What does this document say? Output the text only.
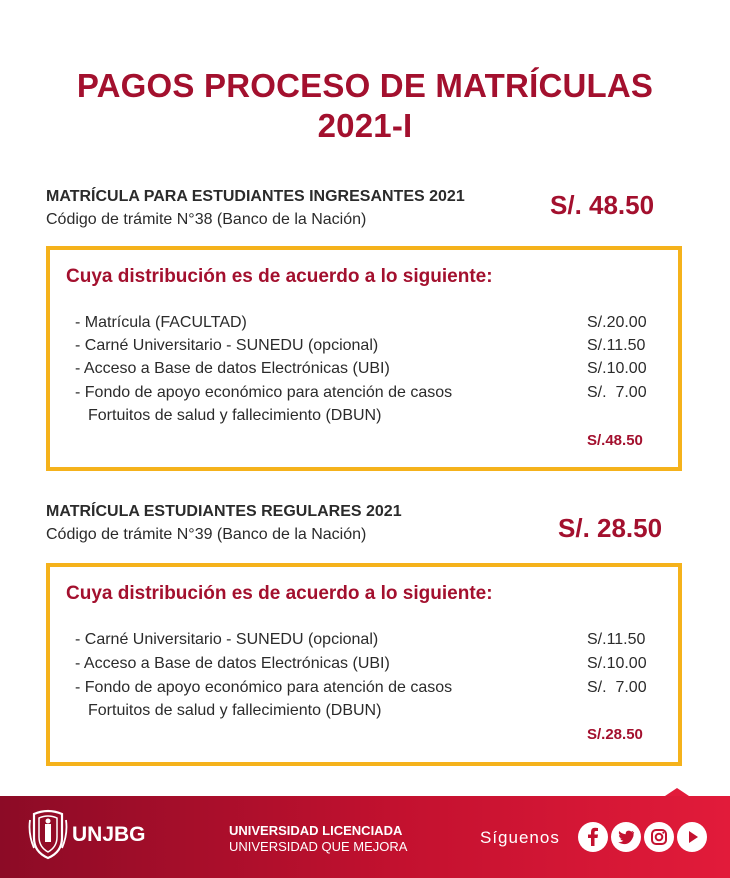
PAGOS PROCESO DE MATRÍCULAS
2021-I
MATRÍCULA PARA ESTUDIANTES INGRESANTES 2021
Código de trámite N°38 (Banco de la Nación)	S/. 48.50
Cuya distribución es de acuerdo a lo siguiente:
- Matrícula (FACULTAD)	S/.20.00
- Carné Universitario - SUNEDU (opcional)	S/.11.50
- Acceso a Base de datos Electrónicas (UBI)	S/.10.00
- Fondo de apoyo económico para atención de casos	S/.  7.00
Fortuitos de salud y fallecimiento (DBUN)
S/.48.50
MATRÍCULA ESTUDIANTES REGULARES 2021
Código de trámite N°39 (Banco de la Nación)	S/. 28.50
Cuya distribución es de acuerdo a lo siguiente:
- Carné Universitario - SUNEDU (opcional)	S/.11.50
- Acceso a Base de datos Electrónicas (UBI)	S/.10.00
- Fondo de apoyo económico para atención de casos	S/.  7.00
Fortuitos de salud y fallecimiento (DBUN)
S/.28.50
UNJBG	UNIVERSIDAD LICENCIADA
UNIVERSIDAD QUE MEJORA	Síguenos
